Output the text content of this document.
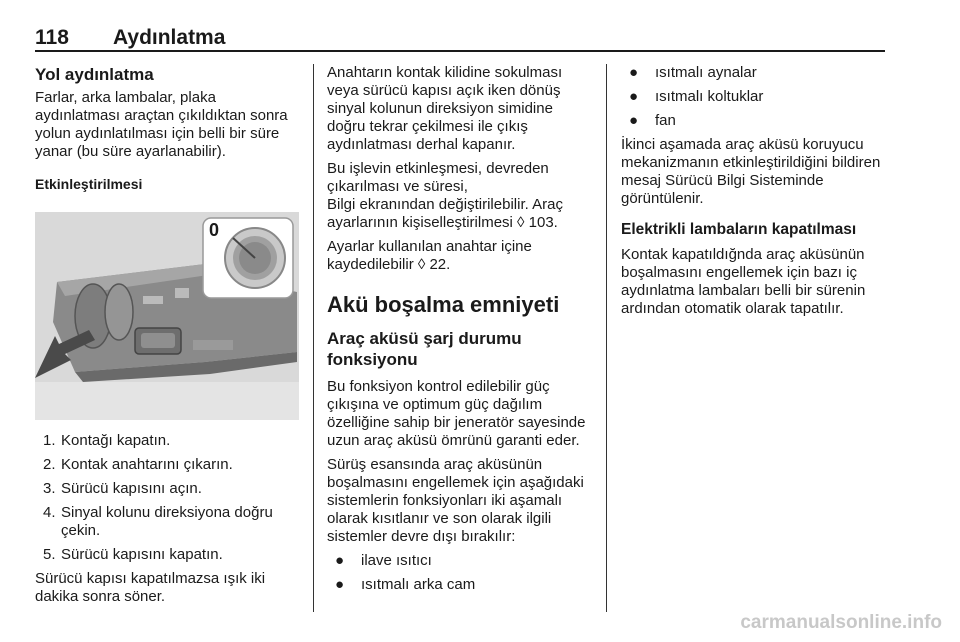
118 Aydınlatma
Yol aydınlatma

Farlar, arka lambalar, plaka aydınlatması araçtan çıkıldıktan sonra yolun aydınlatılması için belli bir süre yanar (bu süre ayarlanabilir).

Etkinleştirilmesi
0
1. Kontağı kapatın.
2. Kontak anahtarını çıkarın.
3. Sürücü kapısını açın.
4. Sinyal kolunu direksiyona doğru çekin.
5. Sürücü kapısını kapatın.

Sürücü kapısı kapatılmazsa ışık iki dakika sonra söner.

Anahtarın kontak kilidine sokulması veya sürücü kapısı açık iken dönüş sinyal kolunun direksiyon simidine doğru tekrar çekilmesi ile çıkış aydınlatması derhal kapanır.

Bu işlevin etkinleşmesi, devreden çıkarılması ve süresi,

Bilgi ekranından değiştirilebilir. Araç ayarlarının kişiselleştirilmesi ◊ 103.

Ayarlar kullanılan anahtar içine kaydedilebilir ◊ 22.

Akü boşalma emniyeti
Araç aküsü şarj durumu fonksiyonu

Bu fonksiyon kontrol edilebilir güç çıkışına ve optimum güç dağılım özelliğine sahip bir jeneratör sayesinde uzun araç aküsü ömrünü garanti eder.

Sürüş esansında araç aküsünün boşalmasını engellemek için aşağıdaki sistemlerin fonksiyonları iki aşamalı olarak kısıtlanır ve son olarak ilgili sistemler devre dışı bırakılır:

● ilave ısıtıcı
● ısıtmalı arka cam
● ısıtmalı aynalar
● ısıtmalı koltuklar
● fan

İkinci aşamada araç aküsü koruyucu mekanizmanın etkinleştirildiğini bildiren mesaj Sürücü Bilgi Sisteminde görüntülenir.

Elektrikli lambaların kapatılması

Kontak kapatıldığnda araç aküsünün boşalmasını engellemek için bazı iç aydınlatma lambaları belli bir sürenin ardından otomatik olarak tapatılır.

carmanualsonline.info
